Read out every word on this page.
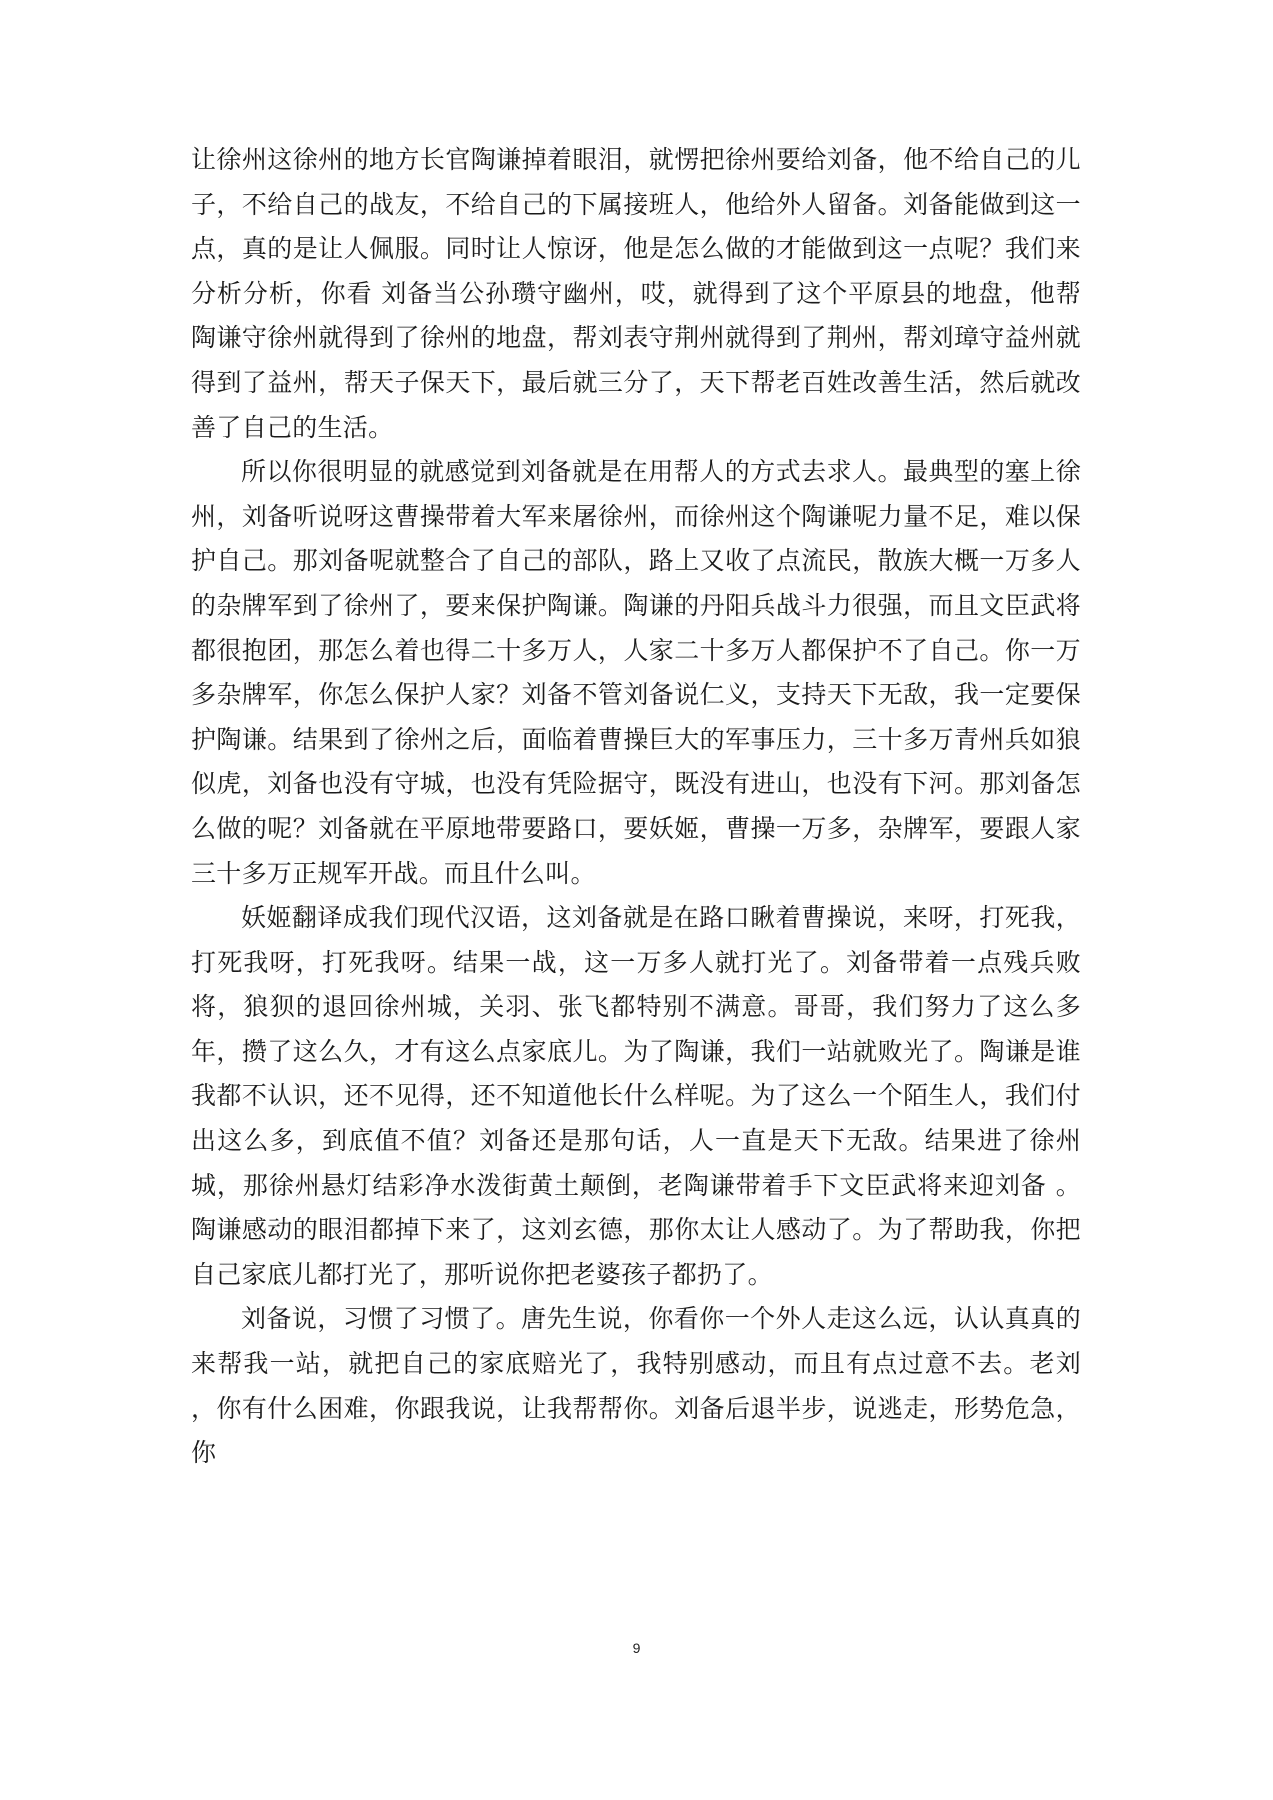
让徐州这徐州的地方长官陶谦掉着眼泪，就愣把徐州要给刘备，他不给自己的儿子，不给自己的战友，不给自己的下属接班人，他给外人留备。刘备能做到这一点，真的是让人佩服。同时让人惊讶，他是怎么做的才能做到这一点呢？我们来分析分析，你看 刘备当公孙瓒守幽州，哎，就得到了这个平原县的地盘，他帮陶谦守徐州就得到了徐州的地盘，帮刘表守荆州就得到了荆州，帮刘璋守益州就得到了益州，帮天子保天下，最后就三分了，天下帮老百姓改善生活，然后就改善了自己的生活。

所以你很明显的就感觉到刘备就是在用帮人的方式去求人。最典型的塞上徐州，刘备听说呀这曹操带着大军来屠徐州，而徐州这个陶谦呢力量不足，难以保护自己。那刘备呢就整合了自己的部队，路上又收了点流民，散族大概一万多人的杂牌军到了徐州了，要来保护陶谦。陶谦的丹阳兵战斗力很强，而且文臣武将都很抱团，那怎么着也得二十多万人，人家二十多万人都保护不了自己。你一万多杂牌军，你怎么保护人家？刘备不管刘备说仁义，支持天下无敌，我一定要保护陶谦。结果到了徐州之后，面临着曹操巨大的军事压力，三十多万青州兵如狼似虎，刘备也没有守城，也没有凭险据守，既没有进山，也没有下河。那刘备怎么做的呢？刘备就在平原地带要路口，要妖姬，曹操一万多，杂牌军，要跟人家三十多万正规军开战。而且什么叫。

妖姬翻译成我们现代汉语，这刘备就是在路口瞅着曹操说，来呀，打死我，打死我呀，打死我呀。结果一战，这一万多人就打光了。刘备带着一点残兵败将，狼狈的退回徐州城，关羽、张飞都特别不满意。哥哥，我们努力了这么多年，攒了这么久，才有这么点家底儿。为了陶谦，我们一站就败光了。陶谦是谁我都不认识，还不见得，还不知道他长什么样呢。为了这么一个陌生人，我们付出这么多，到底值不值？刘备还是那句话，人一直是天下无敌。结果进了徐州城，那徐州悬灯结彩净水泼街黄土颠倒，老陶谦带着手下文臣武将来迎刘备 。陶谦感动的眼泪都掉下来了，这刘玄德，那你太让人感动了。为了帮助我，你把自己家底儿都打光了，那听说你把老婆孩子都扔了。

刘备说，习惯了习惯了。唐先生说，你看你一个外人走这么远，认认真真的来帮我一站，就把自己的家底赔光了，我特别感动，而且有点过意不去。老刘 ，你有什么困难，你跟我说，让我帮帮你。刘备后退半步，说逃走，形势危急，你

9
